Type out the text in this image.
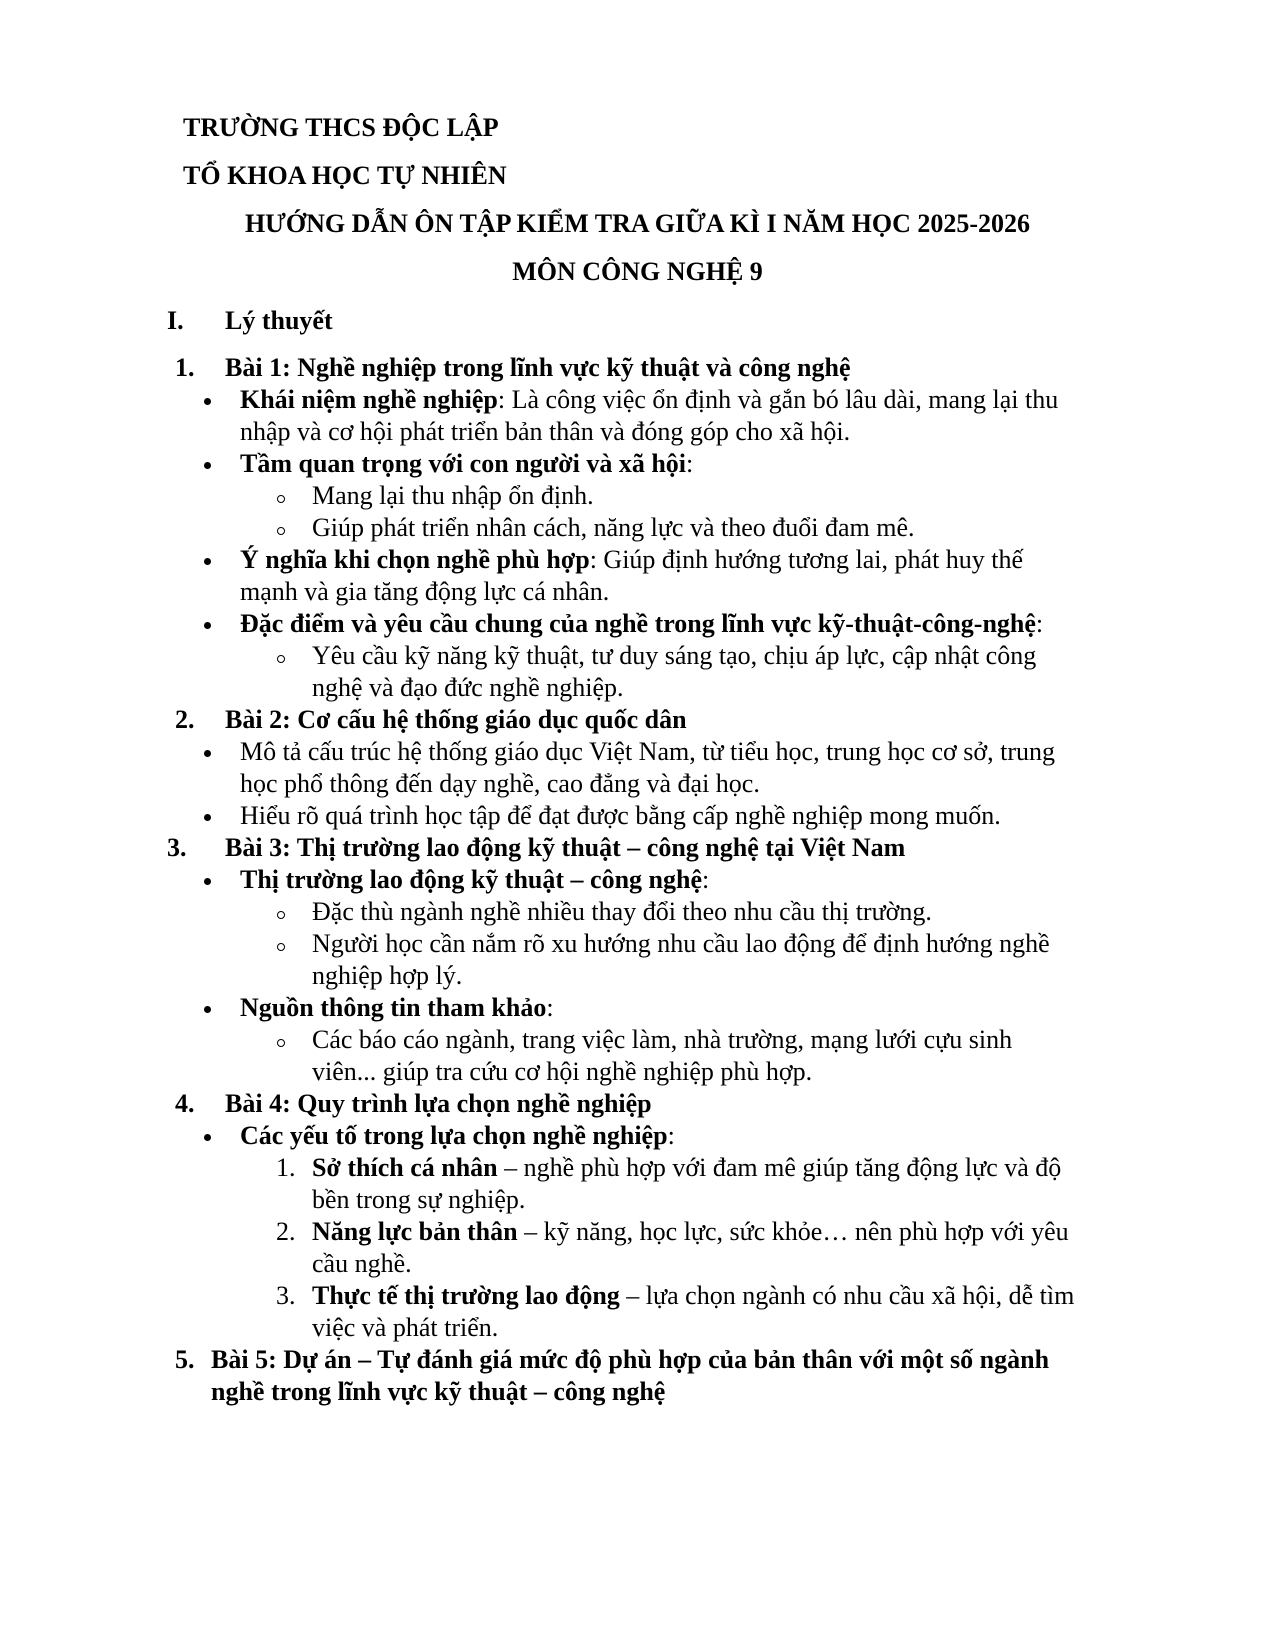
TRƯỜNG THCS ĐỘC LẬP
TỔ KHOA HỌC TỰ NHIÊN
HƯỚNG DẪN ÔN TẬP KIỂM TRA GIỮA KÌ I NĂM HỌC 2025-2026
MÔN CÔNG NGHỆ 9
I. Lý thuyết
1. Bài 1: Nghề nghiệp trong lĩnh vực kỹ thuật và công nghệ
Khái niệm nghề nghiệp: Là công việc ổn định và gắn bó lâu dài, mang lại thu
nhập và cơ hội phát triển bản thân và đóng góp cho xã hội.
Tầm quan trọng với con người và xã hội:
Mang lại thu nhập ổn định.
Giúp phát triển nhân cách, năng lực và theo đuổi đam mê.
Ý nghĩa khi chọn nghề phù hợp: Giúp định hướng tương lai, phát huy thế
mạnh và gia tăng động lực cá nhân.
Đặc điểm và yêu cầu chung của nghề trong lĩnh vực kỹ-thuật-công-nghệ:
Yêu cầu kỹ năng kỹ thuật, tư duy sáng tạo, chịu áp lực, cập nhật công
nghệ và đạo đức nghề nghiệp.
2. Bài 2: Cơ cấu hệ thống giáo dục quốc dân
Mô tả cấu trúc hệ thống giáo dục Việt Nam, từ tiểu học, trung học cơ sở, trung
học phổ thông đến dạy nghề, cao đẳng và đại học.
Hiểu rõ quá trình học tập để đạt được bằng cấp nghề nghiệp mong muốn.
3. Bài 3: Thị trường lao động kỹ thuật – công nghệ tại Việt Nam
Thị trường lao động kỹ thuật – công nghệ:
Đặc thù ngành nghề nhiều thay đổi theo nhu cầu thị trường.
Người học cần nắm rõ xu hướng nhu cầu lao động để định hướng nghề
nghiệp hợp lý.
Nguồn thông tin tham khảo:
Các báo cáo ngành, trang việc làm, nhà trường, mạng lưới cựu sinh
viên... giúp tra cứu cơ hội nghề nghiệp phù hợp.
4. Bài 4: Quy trình lựa chọn nghề nghiệp
Các yếu tố trong lựa chọn nghề nghiệp:
1. Sở thích cá nhân – nghề phù hợp với đam mê giúp tăng động lực và độ
bền trong sự nghiệp.
2. Năng lực bản thân – kỹ năng, học lực, sức khỏe… nên phù hợp với yêu
cầu nghề.
3. Thực tế thị trường lao động – lựa chọn ngành có nhu cầu xã hội, dễ tìm
việc và phát triển.
5. Bài 5: Dự án – Tự đánh giá mức độ phù hợp của bản thân với một số ngành
nghề trong lĩnh vực kỹ thuật – công nghệ
